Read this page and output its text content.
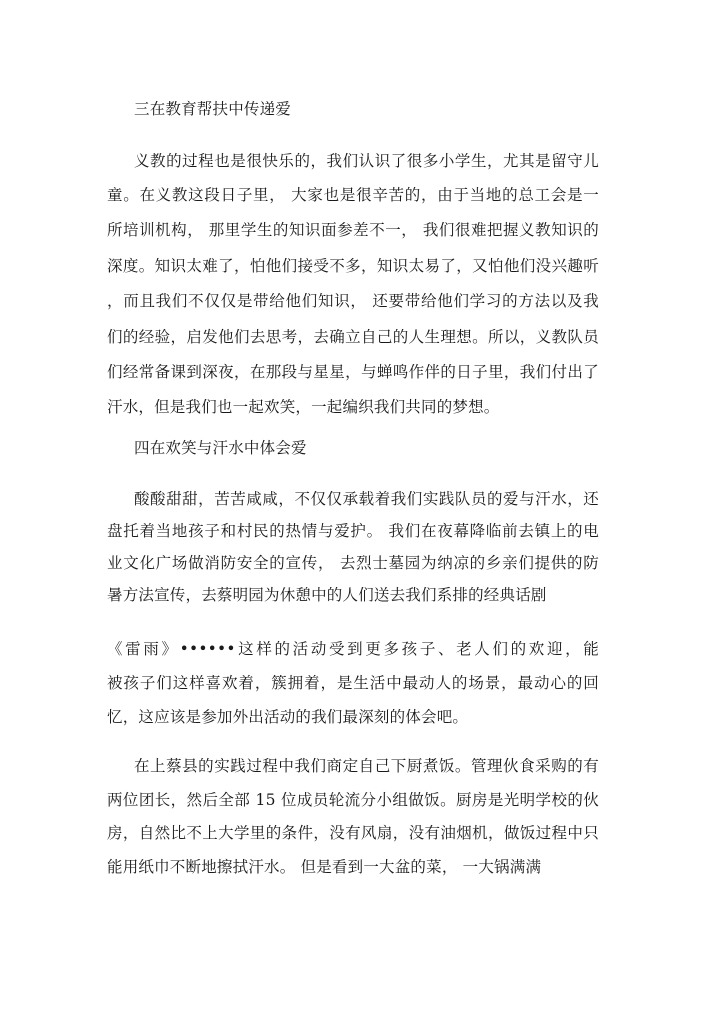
三在教育帮扶中传递爱

义教的过程也是很快乐的，我们认识了很多小学生，尤其是留守儿

童。在义教这段日子里， 大家也是很辛苦的，由于当地的总工会是一

所培训机构， 那里学生的知识面参差不一， 我们很难把握义教知识的

深度。知识太难了，怕他们接受不多，知识太易了，又怕他们没兴趣听

，而且我们不仅仅是带给他们知识， 还要带给他们学习的方法以及我

们的经验，启发他们去思考，去确立自己的人生理想。所以，义教队员

们经常备课到深夜，在那段与星星，与蝉鸣作伴的日子里，我们付出了

汗水，但是我们也一起欢笑，一起编织我们共同的梦想。

四在欢笑与汗水中体会爱

酸酸甜甜，苦苦咸咸，不仅仅承载着我们实践队员的爱与汗水，还

盘托着当地孩子和村民的热情与爱护。 我们在夜幕降临前去镇上的电

业文化广场做消防安全的宣传， 去烈士墓园为纳凉的乡亲们提供的防

暑方法宣传，去蔡明园为休憩中的人们送去我们系排的经典话剧

《雷雨》••••••这样的活动受到更多孩子、老人们的欢迎，能

被孩子们这样喜欢着，簇拥着，是生活中最动人的场景，最动心的回

忆，这应该是参加外出活动的我们最深刻的体会吧。

在上蔡县的实践过程中我们商定自己下厨煮饭。管理伙食采购的有

两位团长，然后全部 15 位成员轮流分小组做饭。厨房是光明学校的伙

房，自然比不上大学里的条件，没有风扇，没有油烟机，做饭过程中只

能用纸巾不断地擦拭汗水。 但是看到一大盆的菜， 一大锅满满
